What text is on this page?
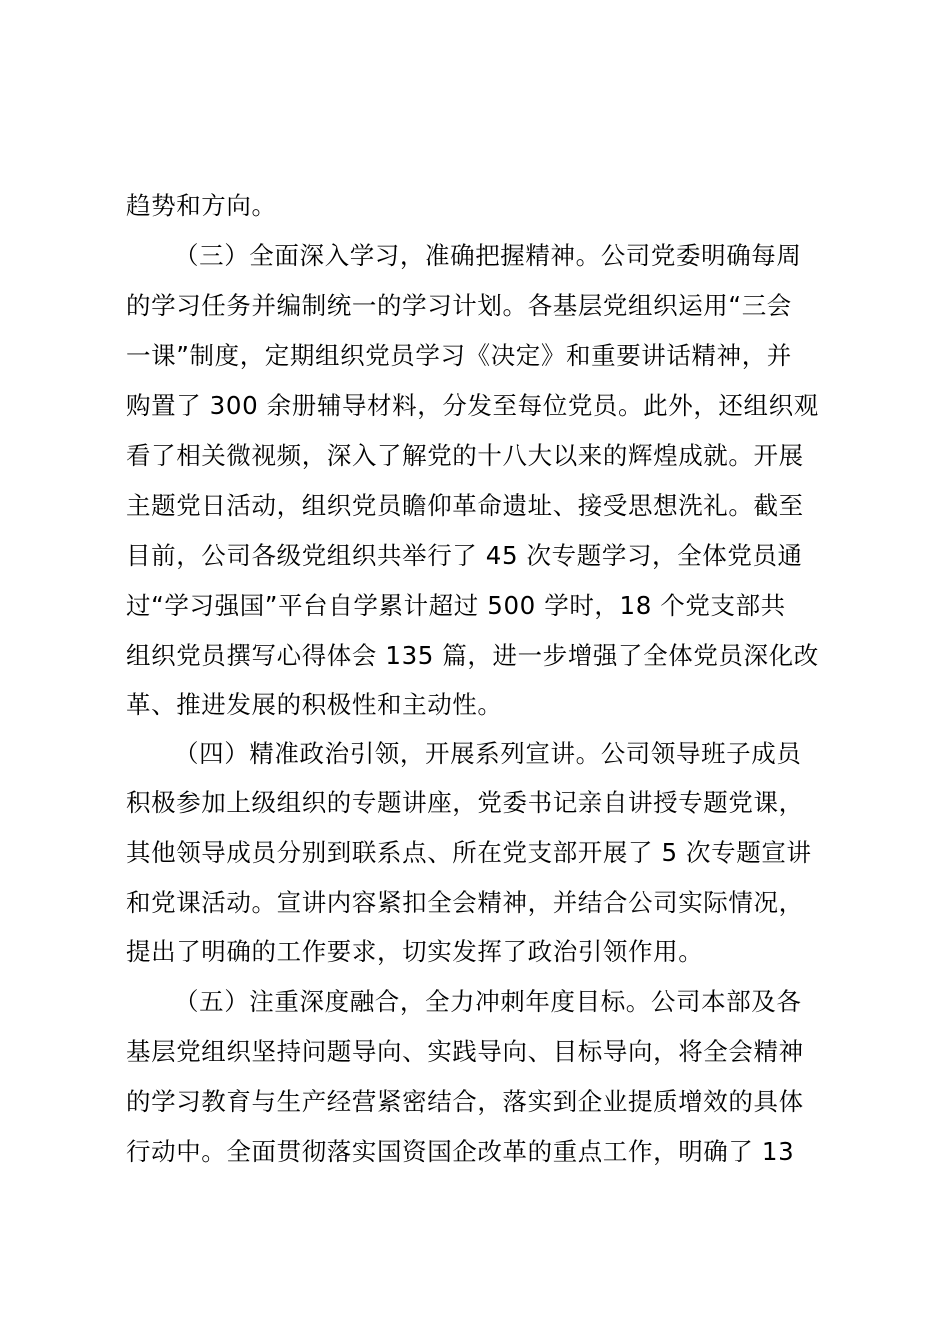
趋势和方向。
（三）全面深入学习，准确把握精神。公司党委明确每周
的学习任务并编制统一的学习计划。各基层党组织运用“三会
一课”制度，定期组织党员学习《决定》和重要讲话精神，并
购置了 300 余册辅导材料，分发至每位党员。此外，还组织观
看了相关微视频，深入了解党的十八大以来的辉煌成就。开展
主题党日活动，组织党员瞻仰革命遗址、接受思想洗礼。截至
目前，公司各级党组织共举行了 45 次专题学习，全体党员通
过“学习强国”平台自学累计超过 500 学时，18 个党支部共
组织党员撰写心得体会 135 篇，进一步增强了全体党员深化改
革、推进发展的积极性和主动性。
（四）精准政治引领，开展系列宣讲。公司领导班子成员
积极参加上级组织的专题讲座，党委书记亲自讲授专题党课，
其他领导成员分别到联系点、所在党支部开展了 5 次专题宣讲
和党课活动。宣讲内容紧扣全会精神，并结合公司实际情况，
提出了明确的工作要求，切实发挥了政治引领作用。
（五）注重深度融合，全力冲刺年度目标。公司本部及各
基层党组织坚持问题导向、实践导向、目标导向，将全会精神
的学习教育与生产经营紧密结合，落实到企业提质增效的具体
行动中。全面贯彻落实国资国企改革的重点工作，明确了 13
